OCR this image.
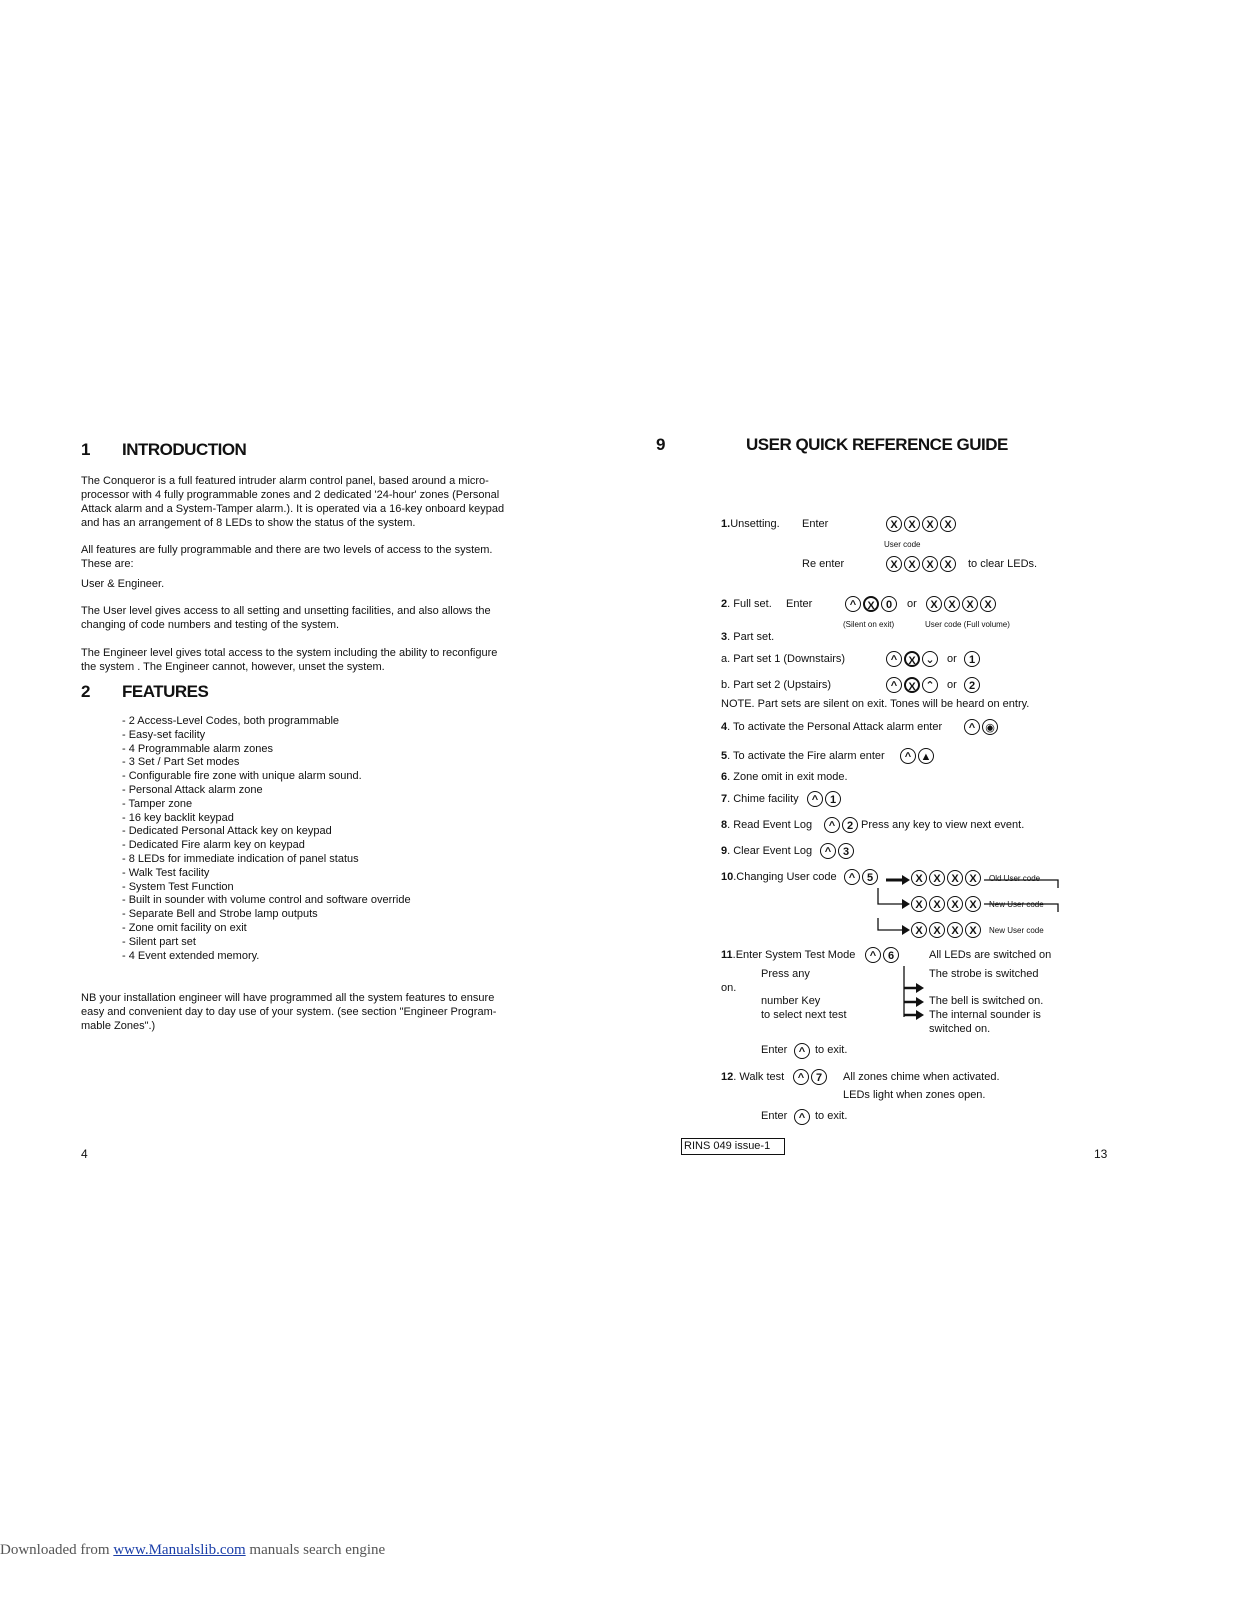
1 INTRODUCTION
The Conqueror is a full featured intruder alarm control panel, based around a micro-
processor with 4 fully programmable zones and 2 dedicated '24-hour' zones (Personal
Attack alarm and a System-Tamper alarm.). It is operated via a 16-key onboard keypad
and has an arrangement of 8 LEDs to show the status of the system.
All features are fully programmable and there are two levels of access to the system.
These are:
User & Engineer.
The User level gives access to all setting and unsetting facilities, and also allows the
changing of code numbers and testing of the system.
The Engineer level gives total access to the system including the ability to reconfigure
the system . The Engineer cannot, however, unset the system.
2 FEATURES
- 2 Access-Level Codes, both programmable
- Easy-set facility
- 4 Programmable alarm zones
- 3 Set / Part Set modes
- Configurable fire zone with unique alarm sound.
- Personal Attack alarm zone
- Tamper zone
- 16 key backlit keypad
- Dedicated Personal Attack key on keypad
- Dedicated Fire alarm key on keypad
- 8 LEDs for immediate indication of panel status
- Walk Test facility
- System Test Function
- Built in sounder with volume control and software override
- Separate Bell and Strobe lamp outputs
- Zone omit facility on exit
- Silent part set
- 4 Event extended memory.
NB your installation engineer will have programmed all the system features to ensure
easy and convenient day to day use of your system. (see section "Engineer Program-
mable Zones".)
4
9	USER QUICK REFERENCE GUIDE
1.Unsetting. Enter	X X X X
User code
Re enter	X X X X	to clear LEDs.
2. Full set. Enter	^ X 0	or	X X X X
(Silent on exit)	User code (Full volume)
3. Part set.
a. Part set 1 (Downstairs)	^ X ⌄	or	1
b. Part set 2 (Upstairs)	^ X ⌃	or	2
NOTE. Part sets are silent on exit. Tones will be heard on entry.
4. To activate the Personal Attack alarm enter	^ ◉
5. To activate the Fire alarm enter	^ ▲
6. Zone omit in exit mode.
7. Chime facility	^ 1
8. Read Event Log	^ 2 Press any key to view next event.
9. Clear Event Log	^ 3
10.Changing User code	^ 5	X X X X	Old User code
X X X X	New User code
X X X X	New User code
11.Enter System Test Mode	^ 6	All LEDs are switched on
Press any	The strobe is switched
on.
number Key
to select next test
The bell is switched on.
The internal sounder is
switched on.
Enter	^ to exit.
12. Walk test	^ 7	All zones chime when activated.
LEDs light when zones open.
Enter	^ to exit.
RINS 049 issue-1
13
Downloaded from www.Manualslib.com manuals search engine
